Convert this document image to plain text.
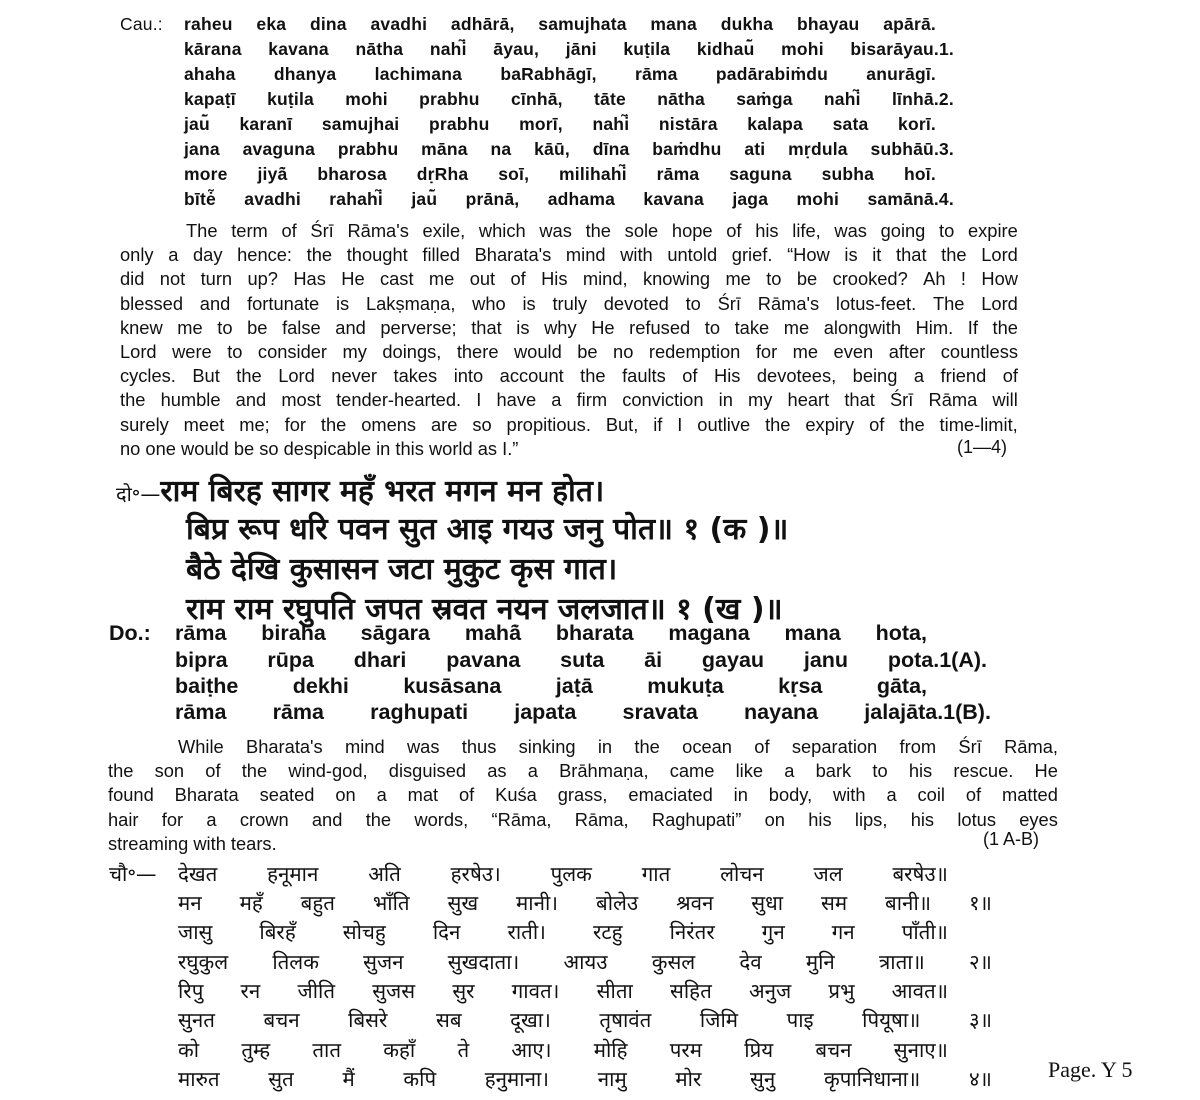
Cau.: raheu eka dina avadhi adhārā, samujhata mana dukha bhayau apārā.
kārana kavana nātha nahi̇̃ āyau, jāni kuṭila kidhau̇̃ mohi bisarāyau.1.
ahaha dhanya lachimana baRabhāgī, rāma padārabiṁdu anurāgī.
kapaṭī kuṭila mohi prabhu cīnhā, tāte nātha saṁga nahi̇̃ līnhā.2.
jau̇̃ karanī samujhai prabhu morī, nahi̇̃ nistāra kalapa sata korī.
jana avaguna prabhu māna na kāū, dīna baṁdhu ati mṛdula subhāū.3.
more jiyȧ̃ bharosa dṛRha soī, milihahi̇̃ rāma saguna subha hoī.
bītė̃ avadhi rahahi̇̃ jau̇̃ prānā, adhama kavana jaga mohi samānā.4.
The term of Śrī Rāma's exile, which was the sole hope of his life, was going to expire
only a day hence: the thought filled Bharata's mind with untold grief. “How is it that the Lord
did not turn up? Has He cast me out of His mind, knowing me to be crooked? Ah ! How
blessed and fortunate is Lakṣmaṇa, who is truly devoted to Śrī Rāma's lotus-feet. The Lord
knew me to be false and perverse; that is why He refused to take me alongwith Him. If the
Lord were to consider my doings, there would be no redemption for me even after countless
cycles. But the Lord never takes into account the faults of His devotees, being a friend of
the humble and most tender-hearted. I have a firm conviction in my heart that Śrī Rāma will
surely meet me; for the omens are so propitious. But, if I outlive the expiry of the time-limit,
no one would be so despicable in this world as I.”	(1—4)
दो॰—राम बिरह सागर महँ भरत मगन मन होत।
बिप्र रूप धरि पवन सुत आइ गयउ जनु पोत॥ १ (क )॥
बैठे देखि कुसासन जटा मुकुट कृस गात।
राम राम रघुपति जपत स्रवत नयन जलजात॥ १ (ख )॥
Do.: rāma biraha sāgara mahȧ̃ bharata magana mana hota,
bipra rūpa dhari pavana suta āi gayau janu pota.1(A).
baiṭhe	dekhi	kusāsana	jaṭā	mukuṭa	kṛsa	gāta,
rāma rāma raghupati japata sravata nayana jalajāta.1(B).
While Bharata's mind was thus sinking in the ocean of separation from Śrī Rāma,
the son of the wind-god, disguised as a Brāhmaṇa, came like a bark to his rescue. He
found Bharata seated on a mat of Kuśa grass, emaciated in body, with a coil of matted
hair for a crown and the words, “Rāma, Rāma, Raghupati” on his lips, his lotus eyes
streaming with tears.	(1 A-B)
चौ॰— देखत हनूमान अति हरषेउ। पुलक गात लोचन जल बरषेउ॥
मन महँ बहुत भाँति सुख मानी। बोलेउ श्रवन सुधा सम बानी॥ १॥
जासु बिरहँ सोचहु दिन राती। रटहु निरंतर गुन गन पाँती॥
रघुकुल तिलक सुजन सुखदाता। आयउ कुसल देव मुनि त्राता॥ २॥
रिपु रन जीति सुजस सुर गावत। सीता सहित अनुज प्रभु आवत॥
सुनत बचन बिसरे सब दूखा। तृषावंत जिमि पाइ पियूषा॥ ३॥
को तुम्ह तात कहाँ ते आए। मोहि परम प्रिय बचन सुनाए॥
मारुत सुत मैं कपि हनुमाना। नामु मोर सुनु कृपानिधाना॥ ४॥	Page. Y 5
